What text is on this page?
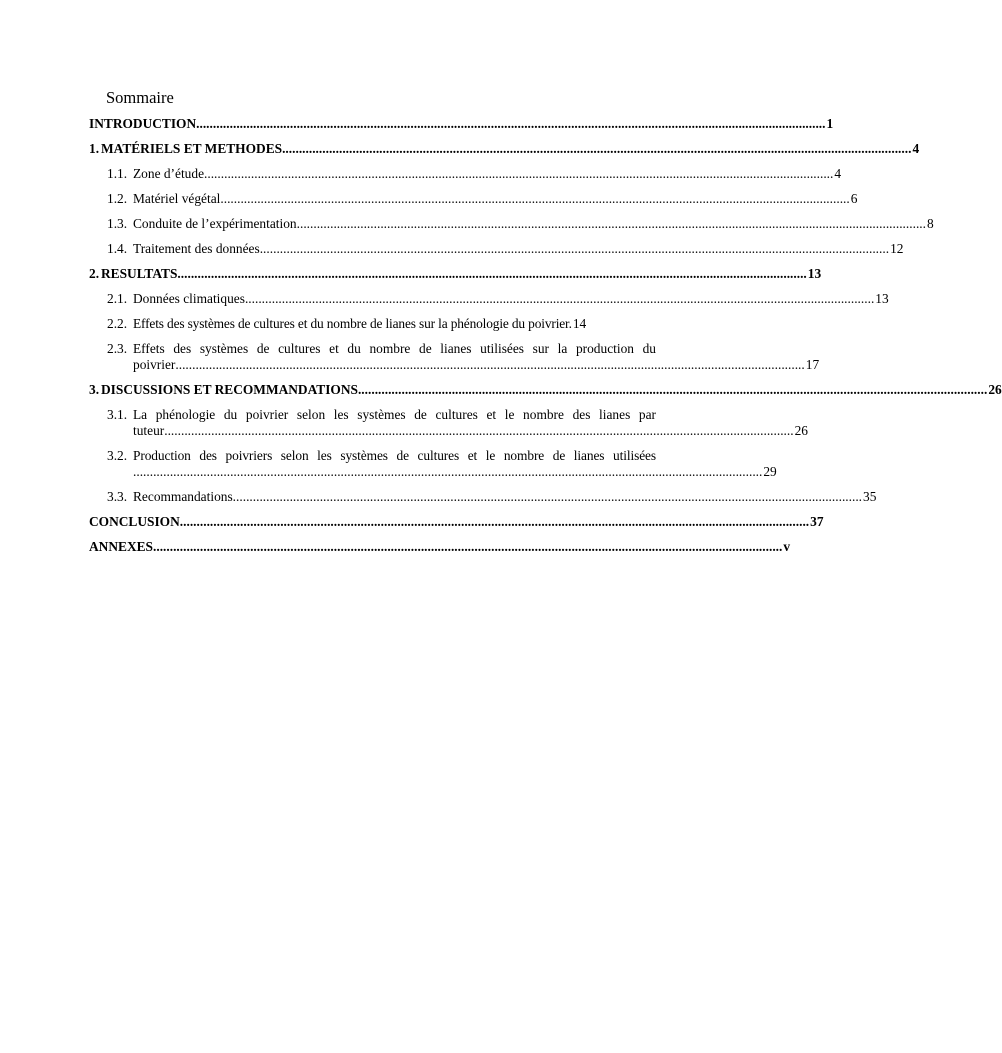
Sommaire
INTRODUCTION ............................................................................................................................................................................................ 1
1. MATÉRIELS ET METHODES ............................................................................................................................................................................................ 4
1.1. Zone d’étude ............................................................................................................................................................................................ 4
1.2. Matériel végétal ............................................................................................................................................................................................ 6
1.3. Conduite de l’expérimentation ............................................................................................................................................................................................ 8
1.4. Traitement des données ............................................................................................................................................................................................ 12
2. RESULTATS ............................................................................................................................................................................................ 13
2.1. Données climatiques ............................................................................................................................................................................................ 13
2.2. Effets des systèmes de cultures et du nombre de lianes sur la phénologie du poivrier. 14
2.3. Effets des systèmes de cultures et du nombre de lianes utilisées sur la production du
poivrier ............................................................................................................................................................................................ 17
3. DISCUSSIONS ET RECOMMANDATIONS ............................................................................................................................................................................................ 26
3.1. La phénologie du poivrier selon les systèmes de cultures et le nombre des lianes par
tuteur ............................................................................................................................................................................................ 26
3.2. Production des poivriers selon les systèmes de cultures et le nombre de lianes utilisées
............................................................................................................................................................................................ 29
3.3. Recommandations ............................................................................................................................................................................................ 35
CONCLUSION ............................................................................................................................................................................................ 37
ANNEXES ............................................................................................................................................................................................ v
